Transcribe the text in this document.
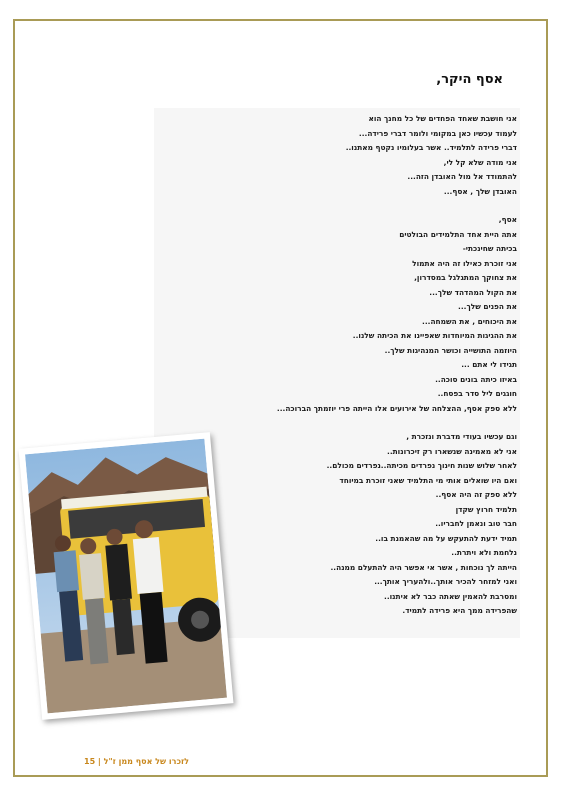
אסף היקר,
אני חושבת שאחד הפחדים של כל מחנך הוא
לעמוד עכשיו כאן במקומי ולומר דברי פרידה...
דברי פרידה לתלמיד.. אשר בעלומיו נקטף מאתנו..
אני מודה שלא קל לי,
להתמודד אל מול האובדן הזה...
האובדן שלך , אסף...
אסף,
אתה היית אחד התלמידים הבולטים
בכיתה שחינכתי-
אני זוכרת כאילו זה היה אתמול
את צחוקך המתגלגל במסדרון,
את הקול המהדהד שלך...
את הפנים שלך...
את היכוחים , את השמחה...
את ההגיגות המיוחדות שאפיינו את הכיתה שלנו..
היוזמה התושייה וכושר המנהיגות שלך..
תגידו לי אתם ...
באיזו כיתה בונים סוכה..
חוגגים ליל סדר בפסח..
ללא ספק אסף, ההצלחה של אירועים אלו הייתה פרי יוזמתך הברוכה...
וגם עכשיו בעודי מדברת ונזכרת ,
אני לא מאמינה שנשארו רק זיכרונות..
לאחר שלוש שנות חינוך נפרדים מכיתה..נפרדים מכולם..
ואם היו שואלים אותי מי התלמיד שאני זוכרת במיוחד
ללא ספק זה היה אסף..
תלמיד חרוץ שקדן
חבר טוב ונאמן לחבריו..
תמיד ידעת להתעקש על מה שהאמנת בו..
נלחמת ולא ויתרת..
הייתה לך נוכחות , אשר אי אפשר היה להתעלם ממנה..
ואני למזחר להכיר אותך..ולהעריך אותך...
ומסרבת להאמין שאתה כבר לא איתנו..
שהפרידה ממך היא פרידה לתמיד.
לזכרו של אסף ממן ז"ל | 15
